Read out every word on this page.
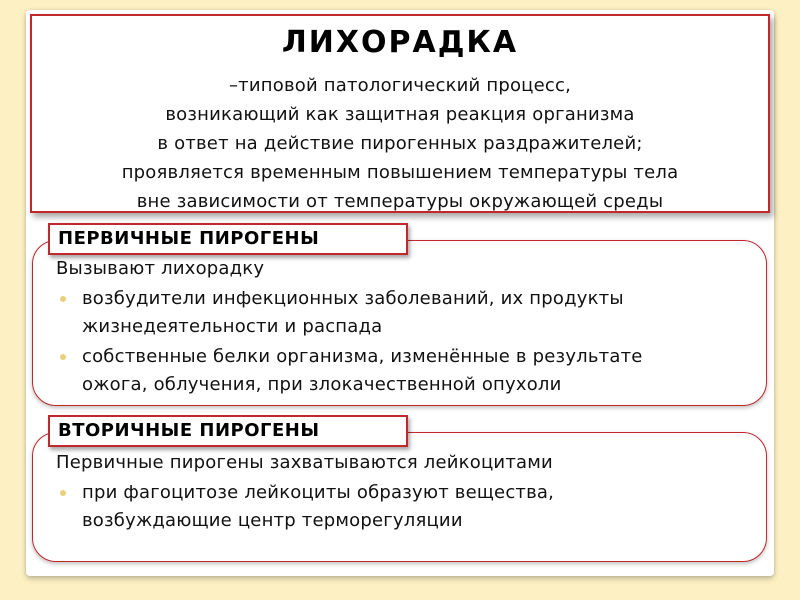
ЛИХОРАДКА
–типовой патологический процесс,
возникающий как защитная реакция организма
в ответ на действие пирогенных раздражителей;
проявляется временным повышением температуры тела
вне зависимости от температуры окружающей среды
ПЕРВИЧНЫЕ ПИРОГЕНЫ
Вызывают лихорадку
возбудители инфекционных заболеваний, их продукты
жизнедеятельности и распада
собственные белки организма, изменённые в результате
ожога, облучения, при злокачественной опухоли
ВТОРИЧНЫЕ ПИРОГЕНЫ
Первичные пирогены захватываются лейкоцитами
при фагоцитозе лейкоциты образуют вещества,
возбуждающие центр терморегуляции
